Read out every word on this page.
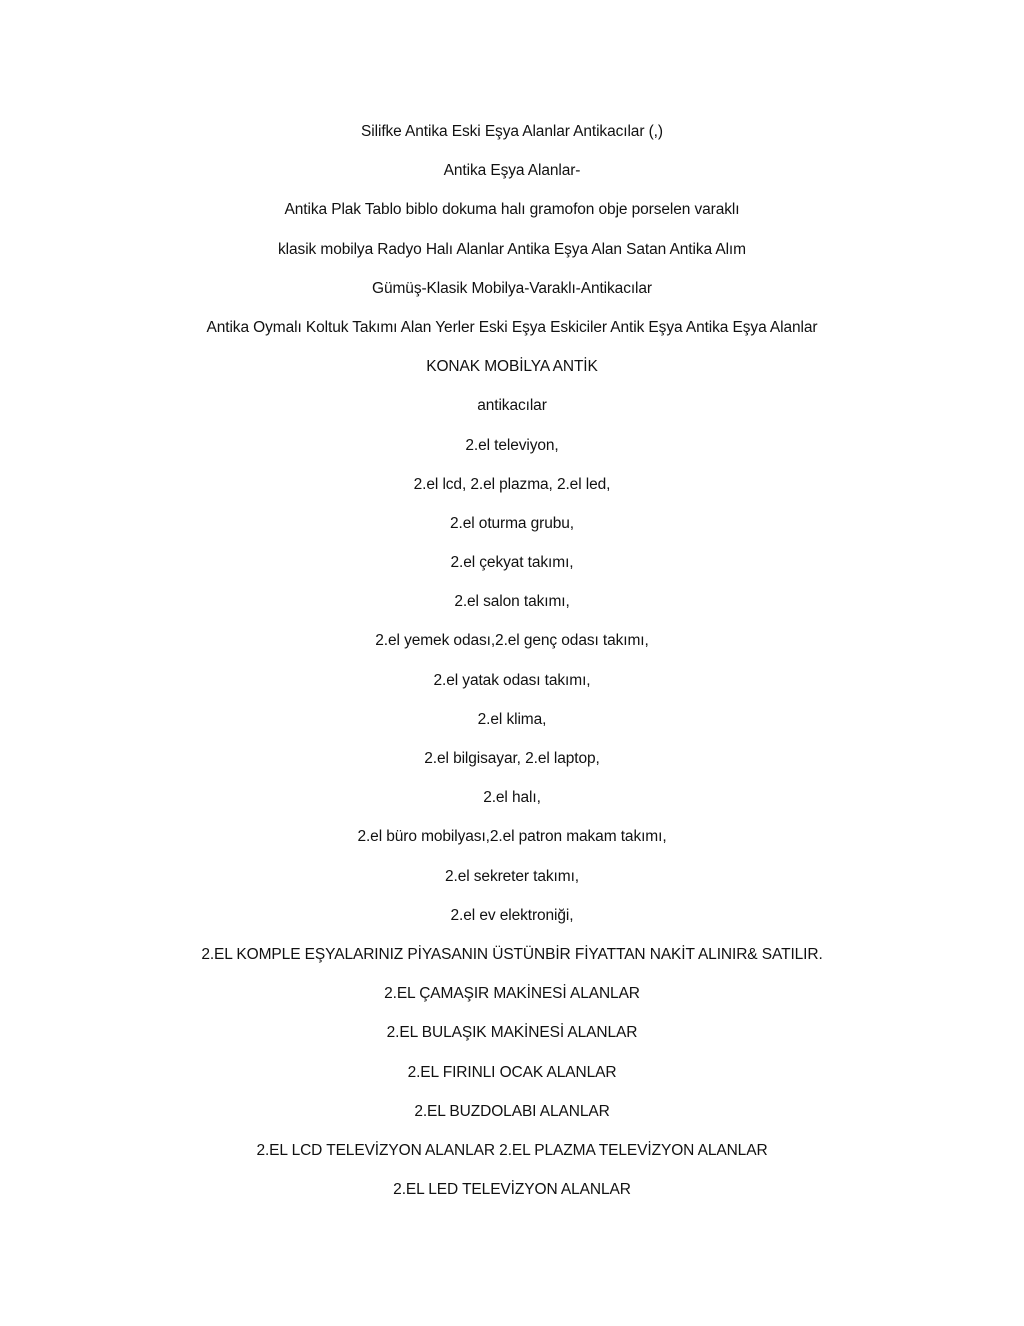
Silifke Antika Eski Eşya Alanlar Antikacılar (,)
Antika Eşya Alanlar-
Antika Plak Tablo biblo dokuma halı gramofon obje porselen varaklı
klasik mobilya Radyo Halı Alanlar Antika Eşya Alan Satan Antika Alım
Gümüş-Klasik Mobilya-Varaklı-Antikacılar
Antika Oymalı Koltuk Takımı Alan Yerler Eski Eşya Eskiciler Antik Eşya Antika Eşya Alanlar
KONAK MOBİLYA ANTİK
antikacılar
2.el televiyon,
2.el lcd, 2.el plazma, 2.el led,
2.el oturma grubu,
2.el çekyat takımı,
2.el salon takımı,
2.el yemek odası,2.el genç odası takımı,
2.el yatak odası takımı,
2.el klima,
2.el bilgisayar, 2.el laptop,
2.el halı,
2.el büro mobilyası,2.el patron makam takımı,
2.el sekreter takımı,
2.el ev elektroniği,
2.EL KOMPLE EŞYALARINIZ PİYASANIN ÜSTÜNBİR FİYATTAN NAKİT ALINIR& SATILIR.
2.EL ÇAMAŞIR MAKİNESİ ALANLAR
2.EL BULAŞIK MAKİNESİ ALANLAR
2.EL FIRINLI OCAK ALANLAR
2.EL BUZDOLABI ALANLAR
2.EL LCD TELEVİZYON ALANLAR 2.EL PLAZMA TELEVİZYON ALANLAR
2.EL LED TELEVİZYON ALANLAR
